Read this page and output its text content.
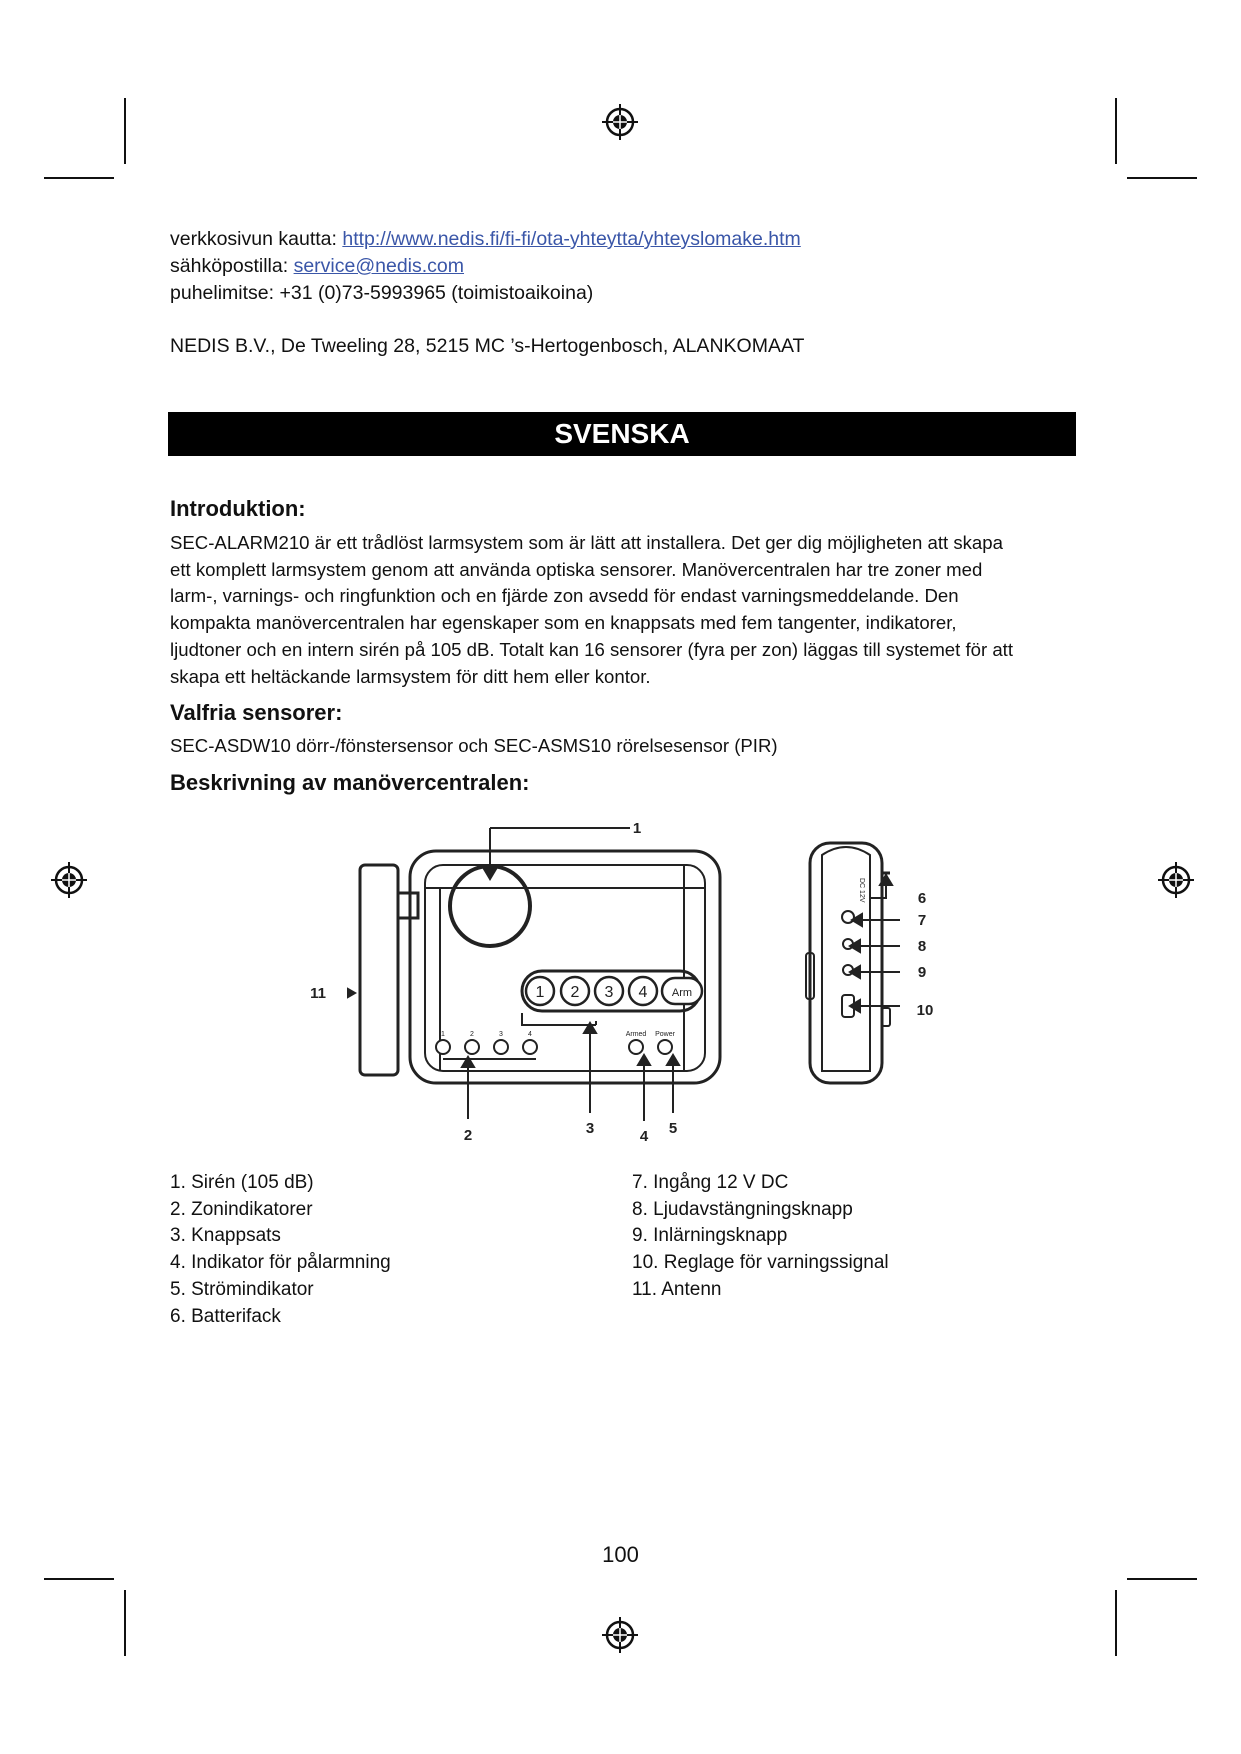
verkkosivun kautta: http://www.nedis.fi/fi-fi/ota-yhteytta/yhteyslomake.htm
sähköpostilla: service@nedis.com
puhelimitse: +31 (0)73-5993965 (toimistoaikoina)
NEDIS B.V., De Tweeling 28, 5215 MC ’s-Hertogenbosch, ALANKOMAAT
SVENSKA
Introduktion:
SEC-ALARM210 är ett trådlöst larmsystem som är lätt att installera. Det ger dig möjligheten att skapa
ett komplett larmsystem genom att använda optiska sensorer. Manövercentralen har tre zoner med
larm-, varnings- och ringfunktion och en fjärde zon avsedd för endast varningsmeddelande. Den
kompakta manövercentralen har egenskaper som en knappsats med fem tangenter, indikatorer,
ljudtoner och en intern sirén på 105 dB. Totalt kan 16 sensorer (fyra per zon) läggas till systemet för att
skapa ett heltäckande larmsystem för ditt hem eller kontor.
Valfria sensorer:
SEC-ASDW10 dörr-/fönstersensor och SEC-ASMS10 rörelsesensor (PIR)
Beskrivning av manövercentralen:
1 2 3 4 Arm
1	2	3	4	Armed Power
DC 12V
1
2	3	4 5
6
7
8
9
10
11
1. Sirén (105 dB)
2. Zonindikatorer
3. Knappsats
4. Indikator för pålarmning
5. Strömindikator
6. Batterifack
7. Ingång 12 V DC
8. Ljudavstängningsknapp
9. Inlärningsknapp
10. Reglage för varningssignal
11. Antenn
100
